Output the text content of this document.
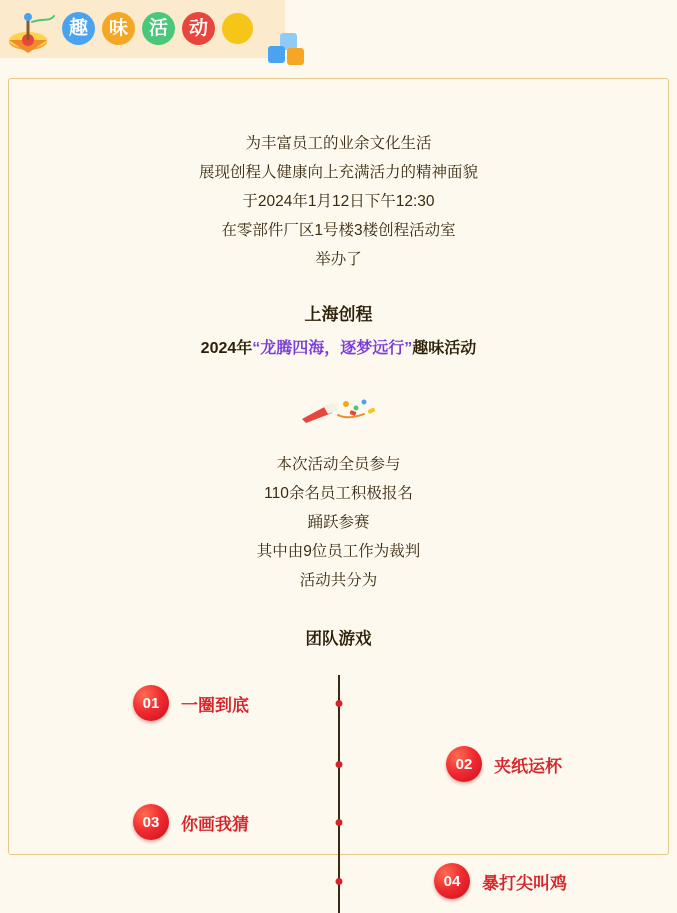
趣	味	活	动
为丰富员工的业余文化生活
展现创程人健康向上充满活力的精神面貌
于2024年1月12日下午12:30
在零部件厂区1号楼3楼创程活动室
举办了
上海创程
2024年“龙腾四海，逐梦远行”趣味活动
本次活动全员参与
110余名员工积极报名
踊跃参赛
其中由9位员工作为裁判
活动共分为
团队游戏
01	一圈到底
02	夹纸运杯
03	你画我猜
04	暴打尖叫鸡
